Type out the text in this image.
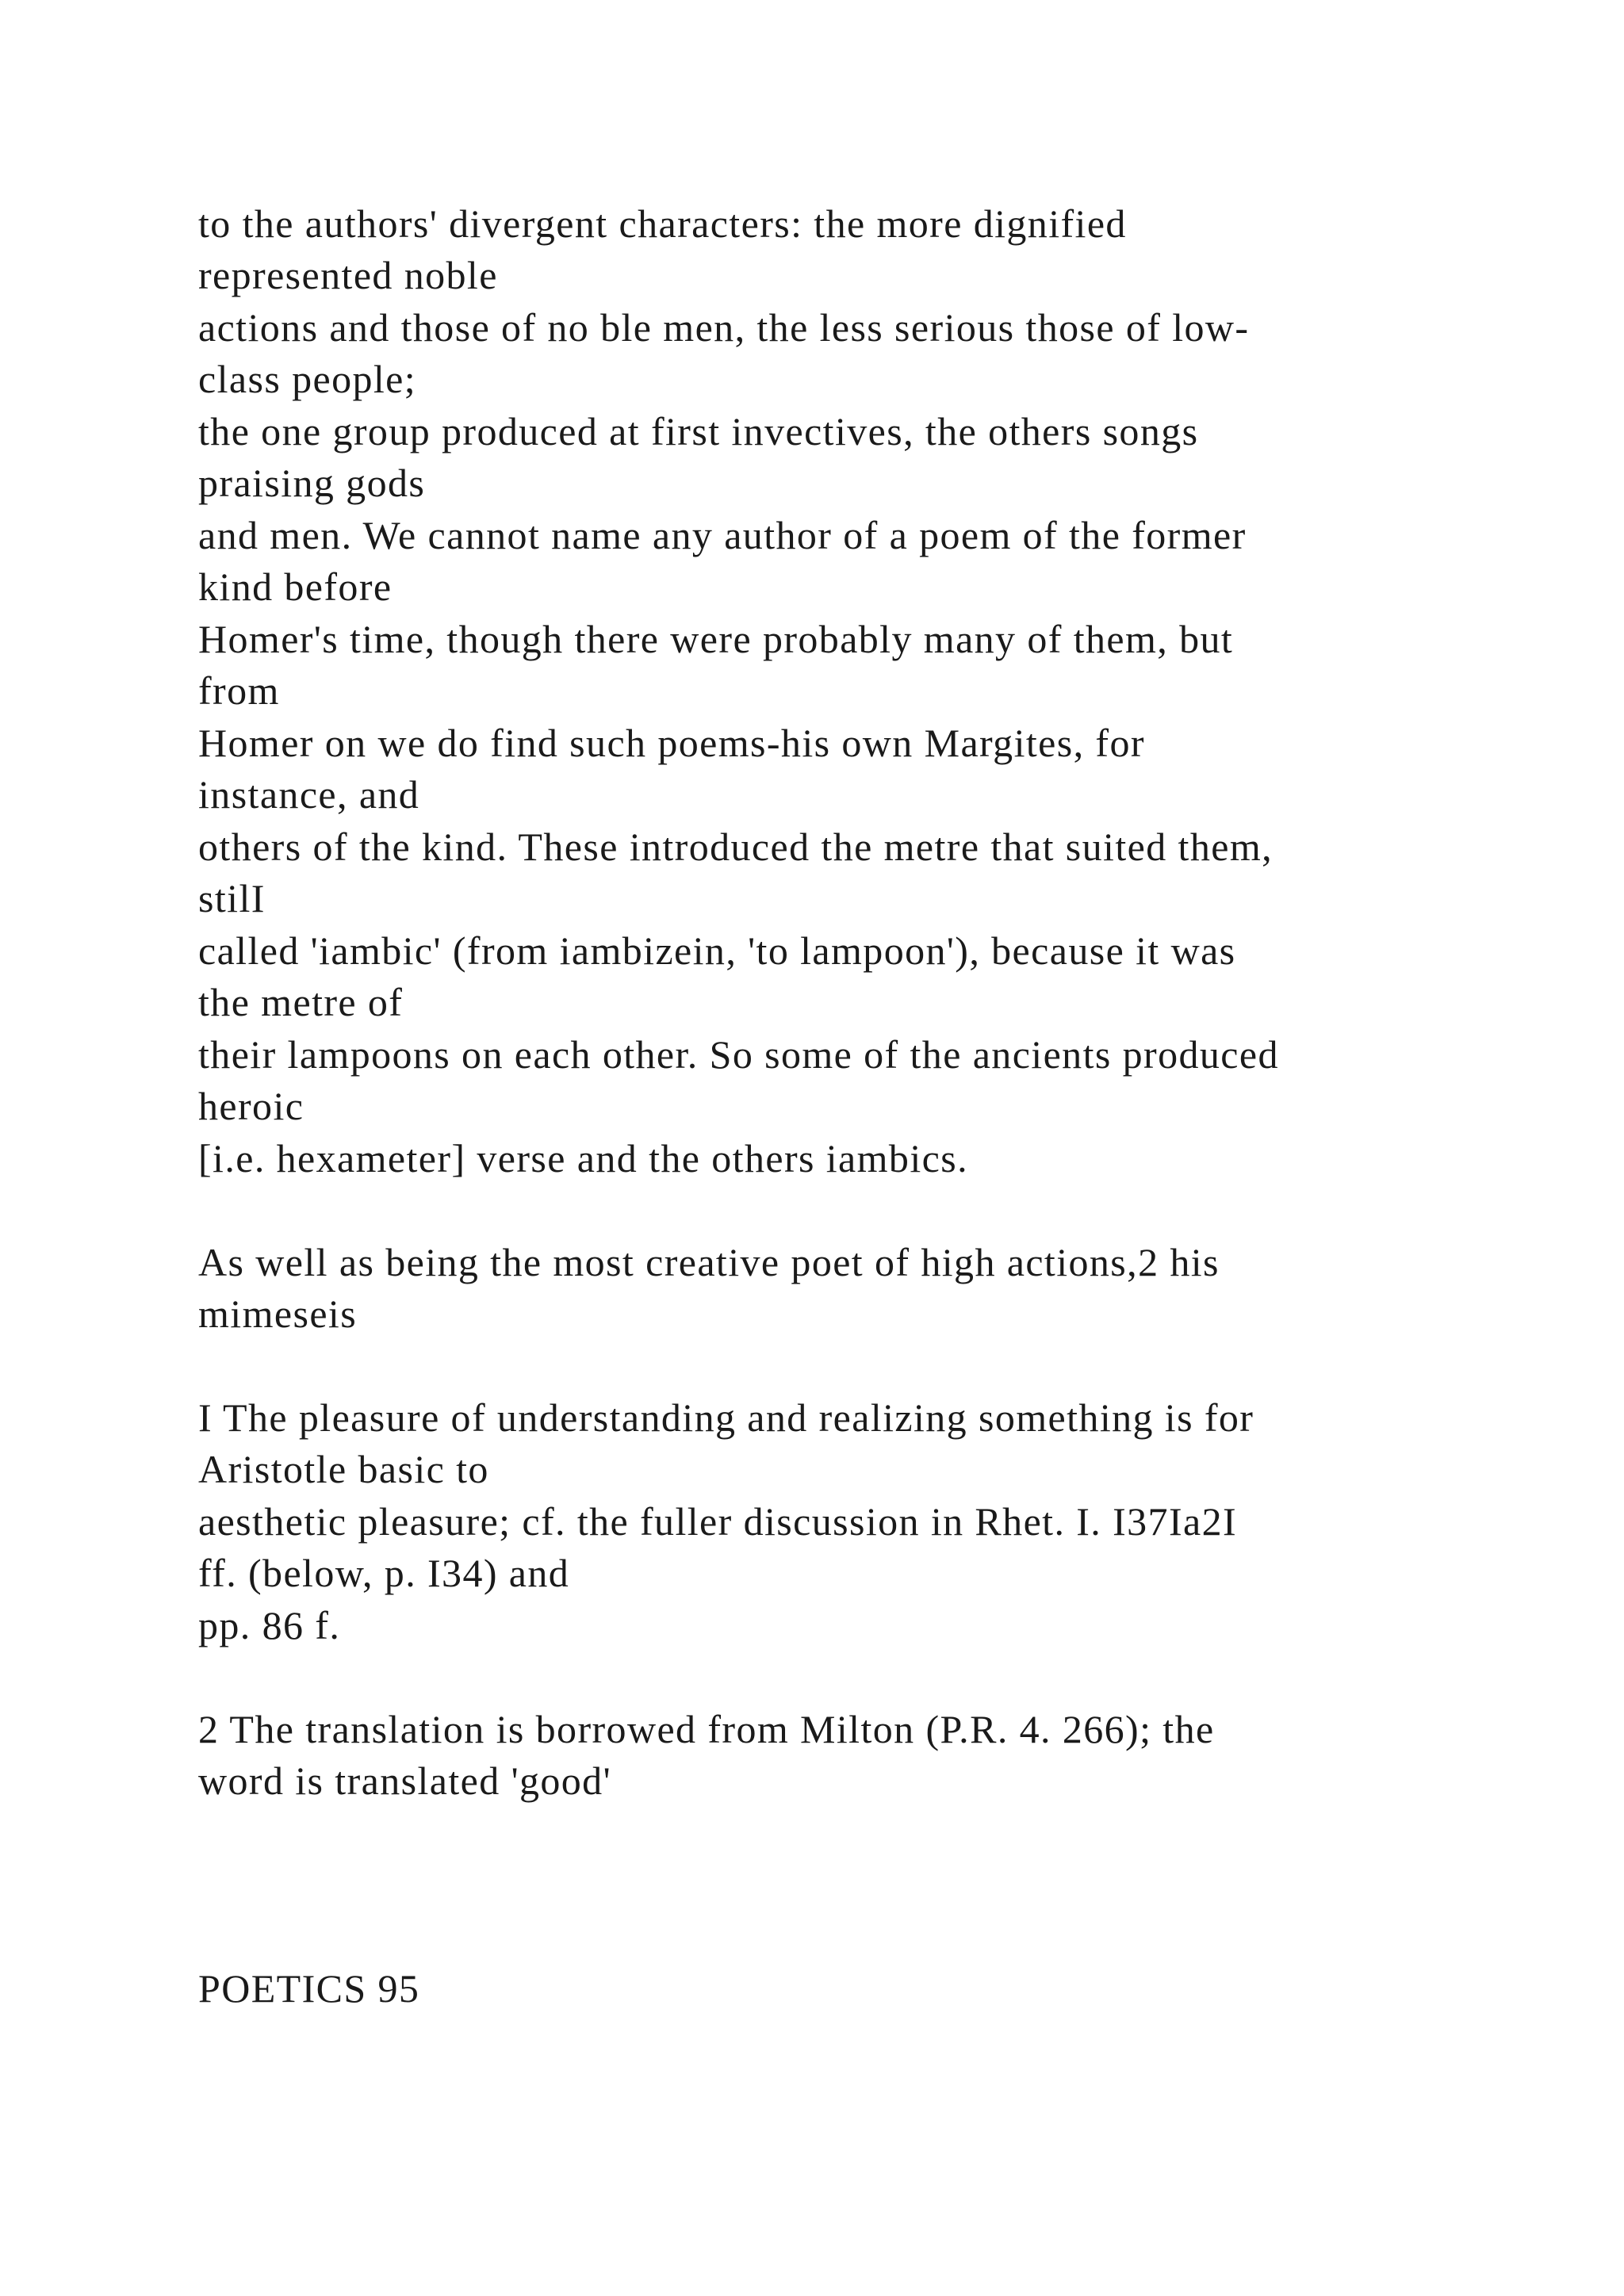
to the authors' divergent characters: the more dignified

represented noble

actions and those of no ble men, the less serious those of low-

class people;

the one group produced at first invectives, the others songs

praising gods

and men. We cannot name any author of a poem of the former

kind before

Homer's time, though there were probably many of them, but

from

Homer on we do find such poems-his own Margites, for

instance, and

others of the kind. These introduced the metre that suited them,

stilI

called 'iambic' (from iambizein, 'to lampoon'), because it was

the metre of

their lampoons on each other. So some of the ancients produced

heroic

[i.e. hexameter] verse and the others iambics.

As well as being the most creative poet of high actions,2 his

mimeseis

I The pleasure of understanding and realizing something is for

Aristotle basic to

aesthetic pleasure; cf. the fuller discussion in Rhet. I. I37Ia2I

ff. (below, p. I34) and

pp. 86 f.

2 The translation is borrowed from Milton (P.R. 4. 266); the

word is translated 'good'

POETICS 95
